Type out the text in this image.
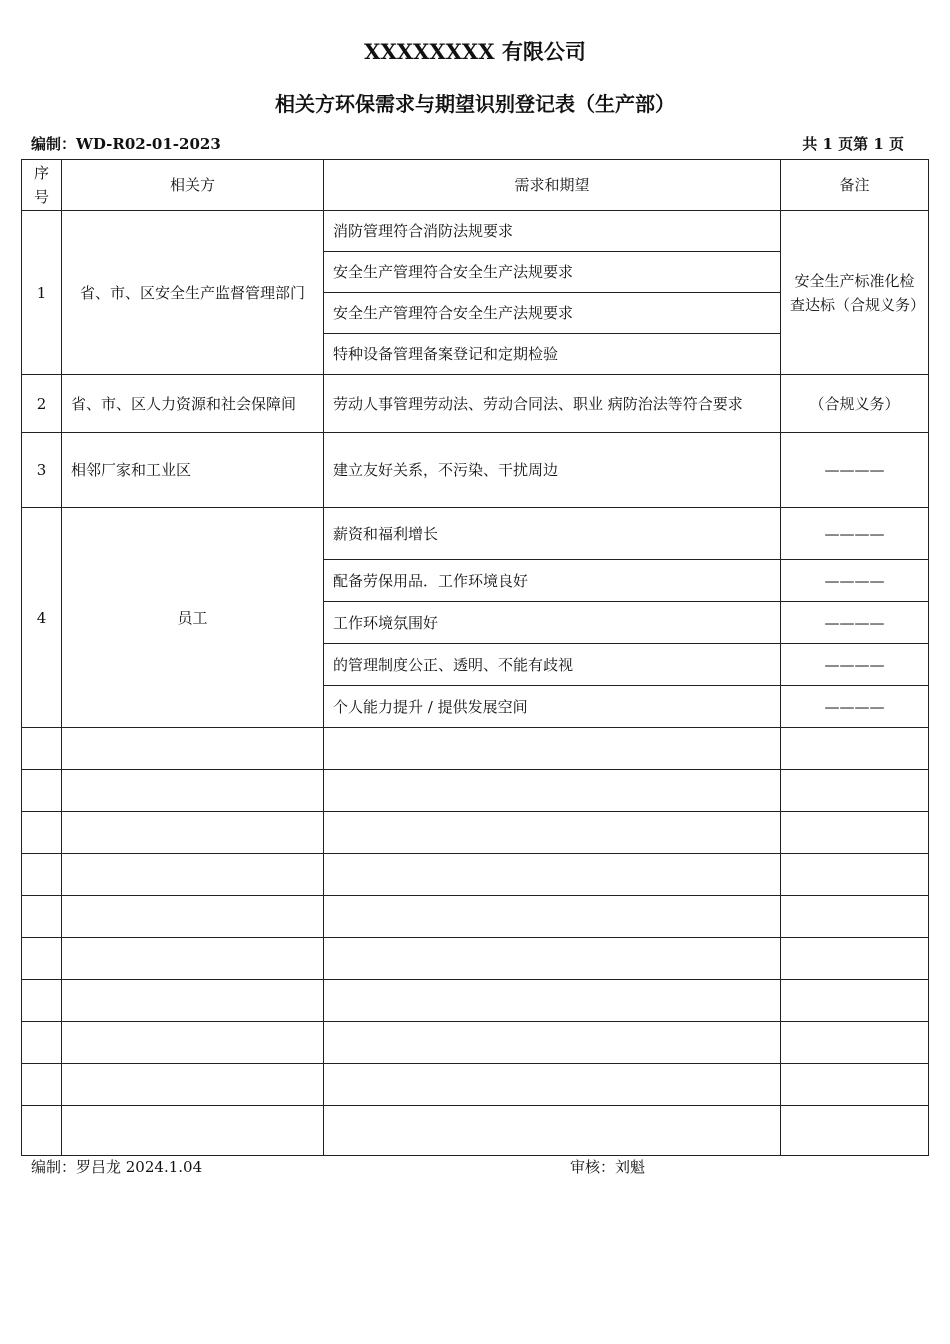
XXXXXXXX 有限公司
相关方环保需求与期望识别登记表（生产部）
编制：WD-R02-01-2023	共 1 页第 1 页
序
号	相关方	需求和期望	备注
1	省、市、区安全生产监督管理部门	消防管理符合消防法规要求	安全生产标准化检查达标（合规义务）
		安全生产管理符合安全生产法规要求	
		安全生产管理符合安全生产法规要求	
		特种设备管理备案登记和定期检验	
2	省、市、区人力资源和社会保障间	劳动人事管理劳动法、劳动合同法、职业 病防治法等符合要求	（合规义务）
3	相邻厂家和工业区	建立友好关系，不污染、干扰周边	————
4	员工	薪资和福利增长	————
		配备劳保用品．工作环境良好	————
		工作环境氛围好	————
		的管理制度公正、透明、不能有歧视	————
		个人能力提升 / 提供发展空间	————

编制：罗吕龙 2024.1.04	审核：刘魁
